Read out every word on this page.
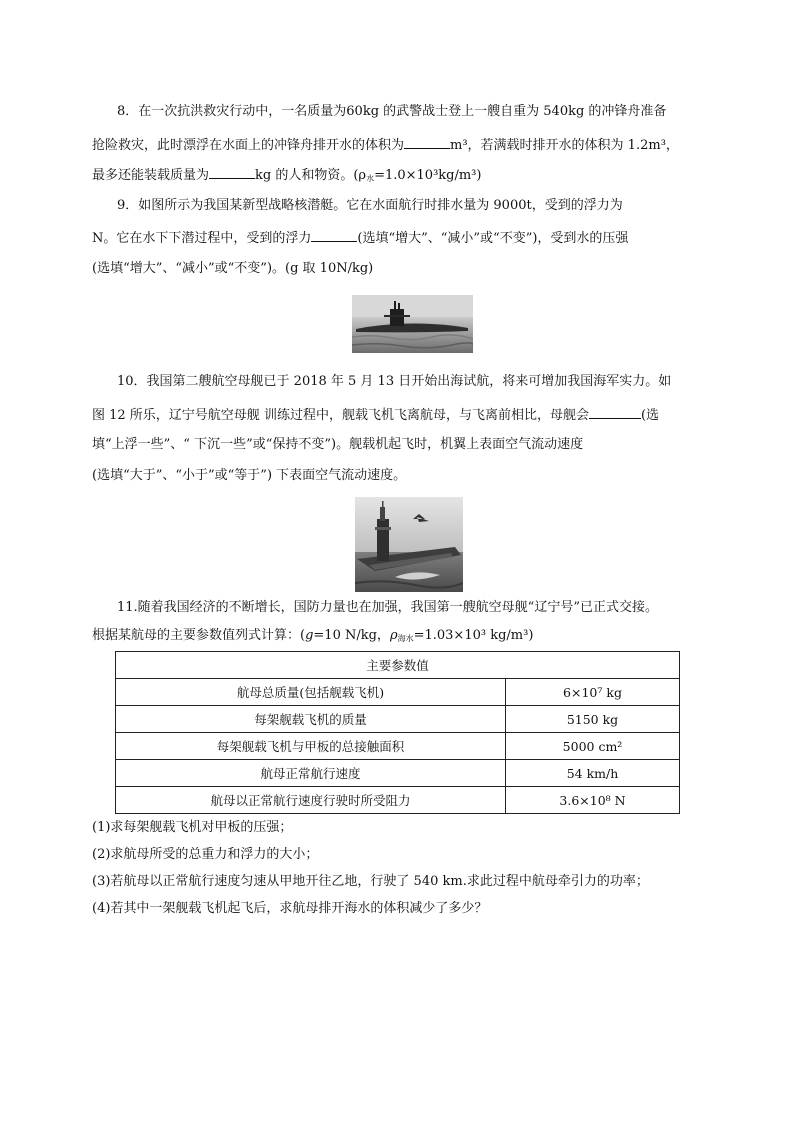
8．在一次抗洪救灾行动中，一名质量为60kg 的武警战士登上一艘自重为 540kg 的冲锋舟准备
抢险救灾，此时漂浮在水面上的冲锋舟排开水的体积为	m³，若满载时排开水的体积为 1.2m³，
最多还能装载质量为	kg 的人和物资。$(\rho_水=1.0\times 10^3kg/m^3)$
9．如图所示为我国某新型战略核潜艇。它在水面航行时排水量为 9000t，受到的浮力为
N。它在水下下潜过程中，受到的浮力	(选填“增大”、“减小”或“不变”)，受到水的压强
(选填“增大”、“减小”或“不变”)。(g 取 10N/kg)
10．我国第二艘航空母舰已于 2018 年 5 月 13 日开始出海试航，将来可增加我国海军实力。如
图 12 所乐，辽宁号航空母舰 训练过程中，舰载飞机飞离航母，与飞离前相比，母舰会	(选
填“上浮一些”、“ 下沉一些”或“保持不变”)。舰载机起飞时，机翼上表面空气流动速度
(选填“大于”、“小于”或“等于”) 下表面空气流动速度。
11.随着我国经济的不断增长，国防力量也在加强，我国第一艘航空母舰“辽宁号”已正式交接。
根据某航母的主要参数值列式计算：(g=10 N/kg，$\rho_{海水}=1.03\times 10^3$ kg/m³)
主要参数值	
航母总质量(包括舰载飞机)	6×10⁷ kg
每架舰载飞机的质量	5150 kg
每架舰载飞机与甲板的总接触面积	5000 cm²
航母正常航行速度	54 km/h
航母以正常航行速度行驶时所受阻力	3.6×10⁸ N
(1)求每架舰载飞机对甲板的压强；
(2)求航母所受的总重力和浮力的大小；
(3)若航母以正常航行速度匀速从甲地开往乙地，行驶了 540 km.求此过程中航母牵引力的功率；
(4)若其中一架舰载飞机起飞后，求航母排开海水的体积减少了多少？
